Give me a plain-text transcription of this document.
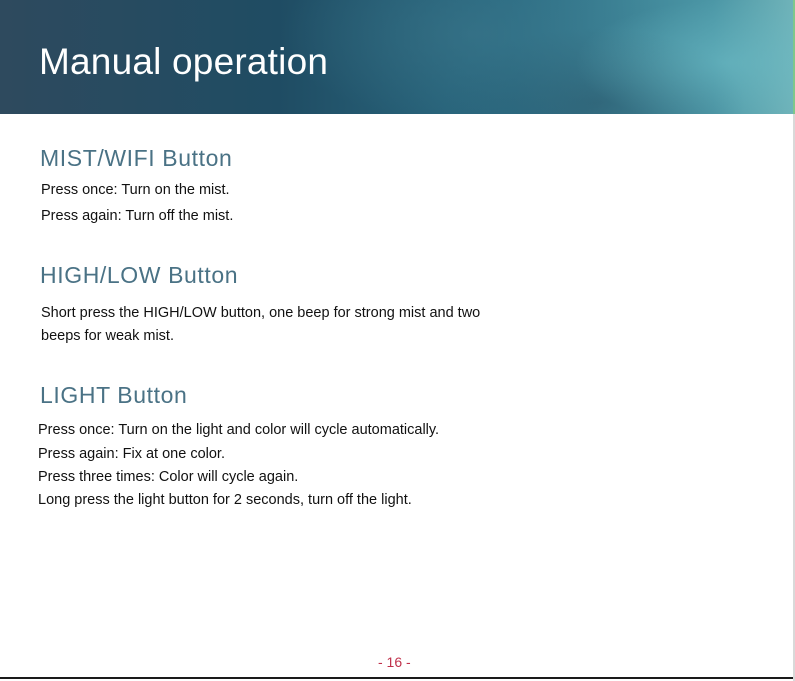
Manual operation
MIST/WIFI Button

Press once: Turn on the mist.

Press again: Turn off the mist.

HIGH/LOW Button

Short press the HIGH/LOW button, one beep for strong mist and two

beeps for weak mist.

LIGHT Button

Press once: Turn on the light and color will cycle automatically.

Press again: Fix at one color.

Press three times: Color will cycle again.

Long press the light button for 2 seconds, turn off the light.

- 16 -
